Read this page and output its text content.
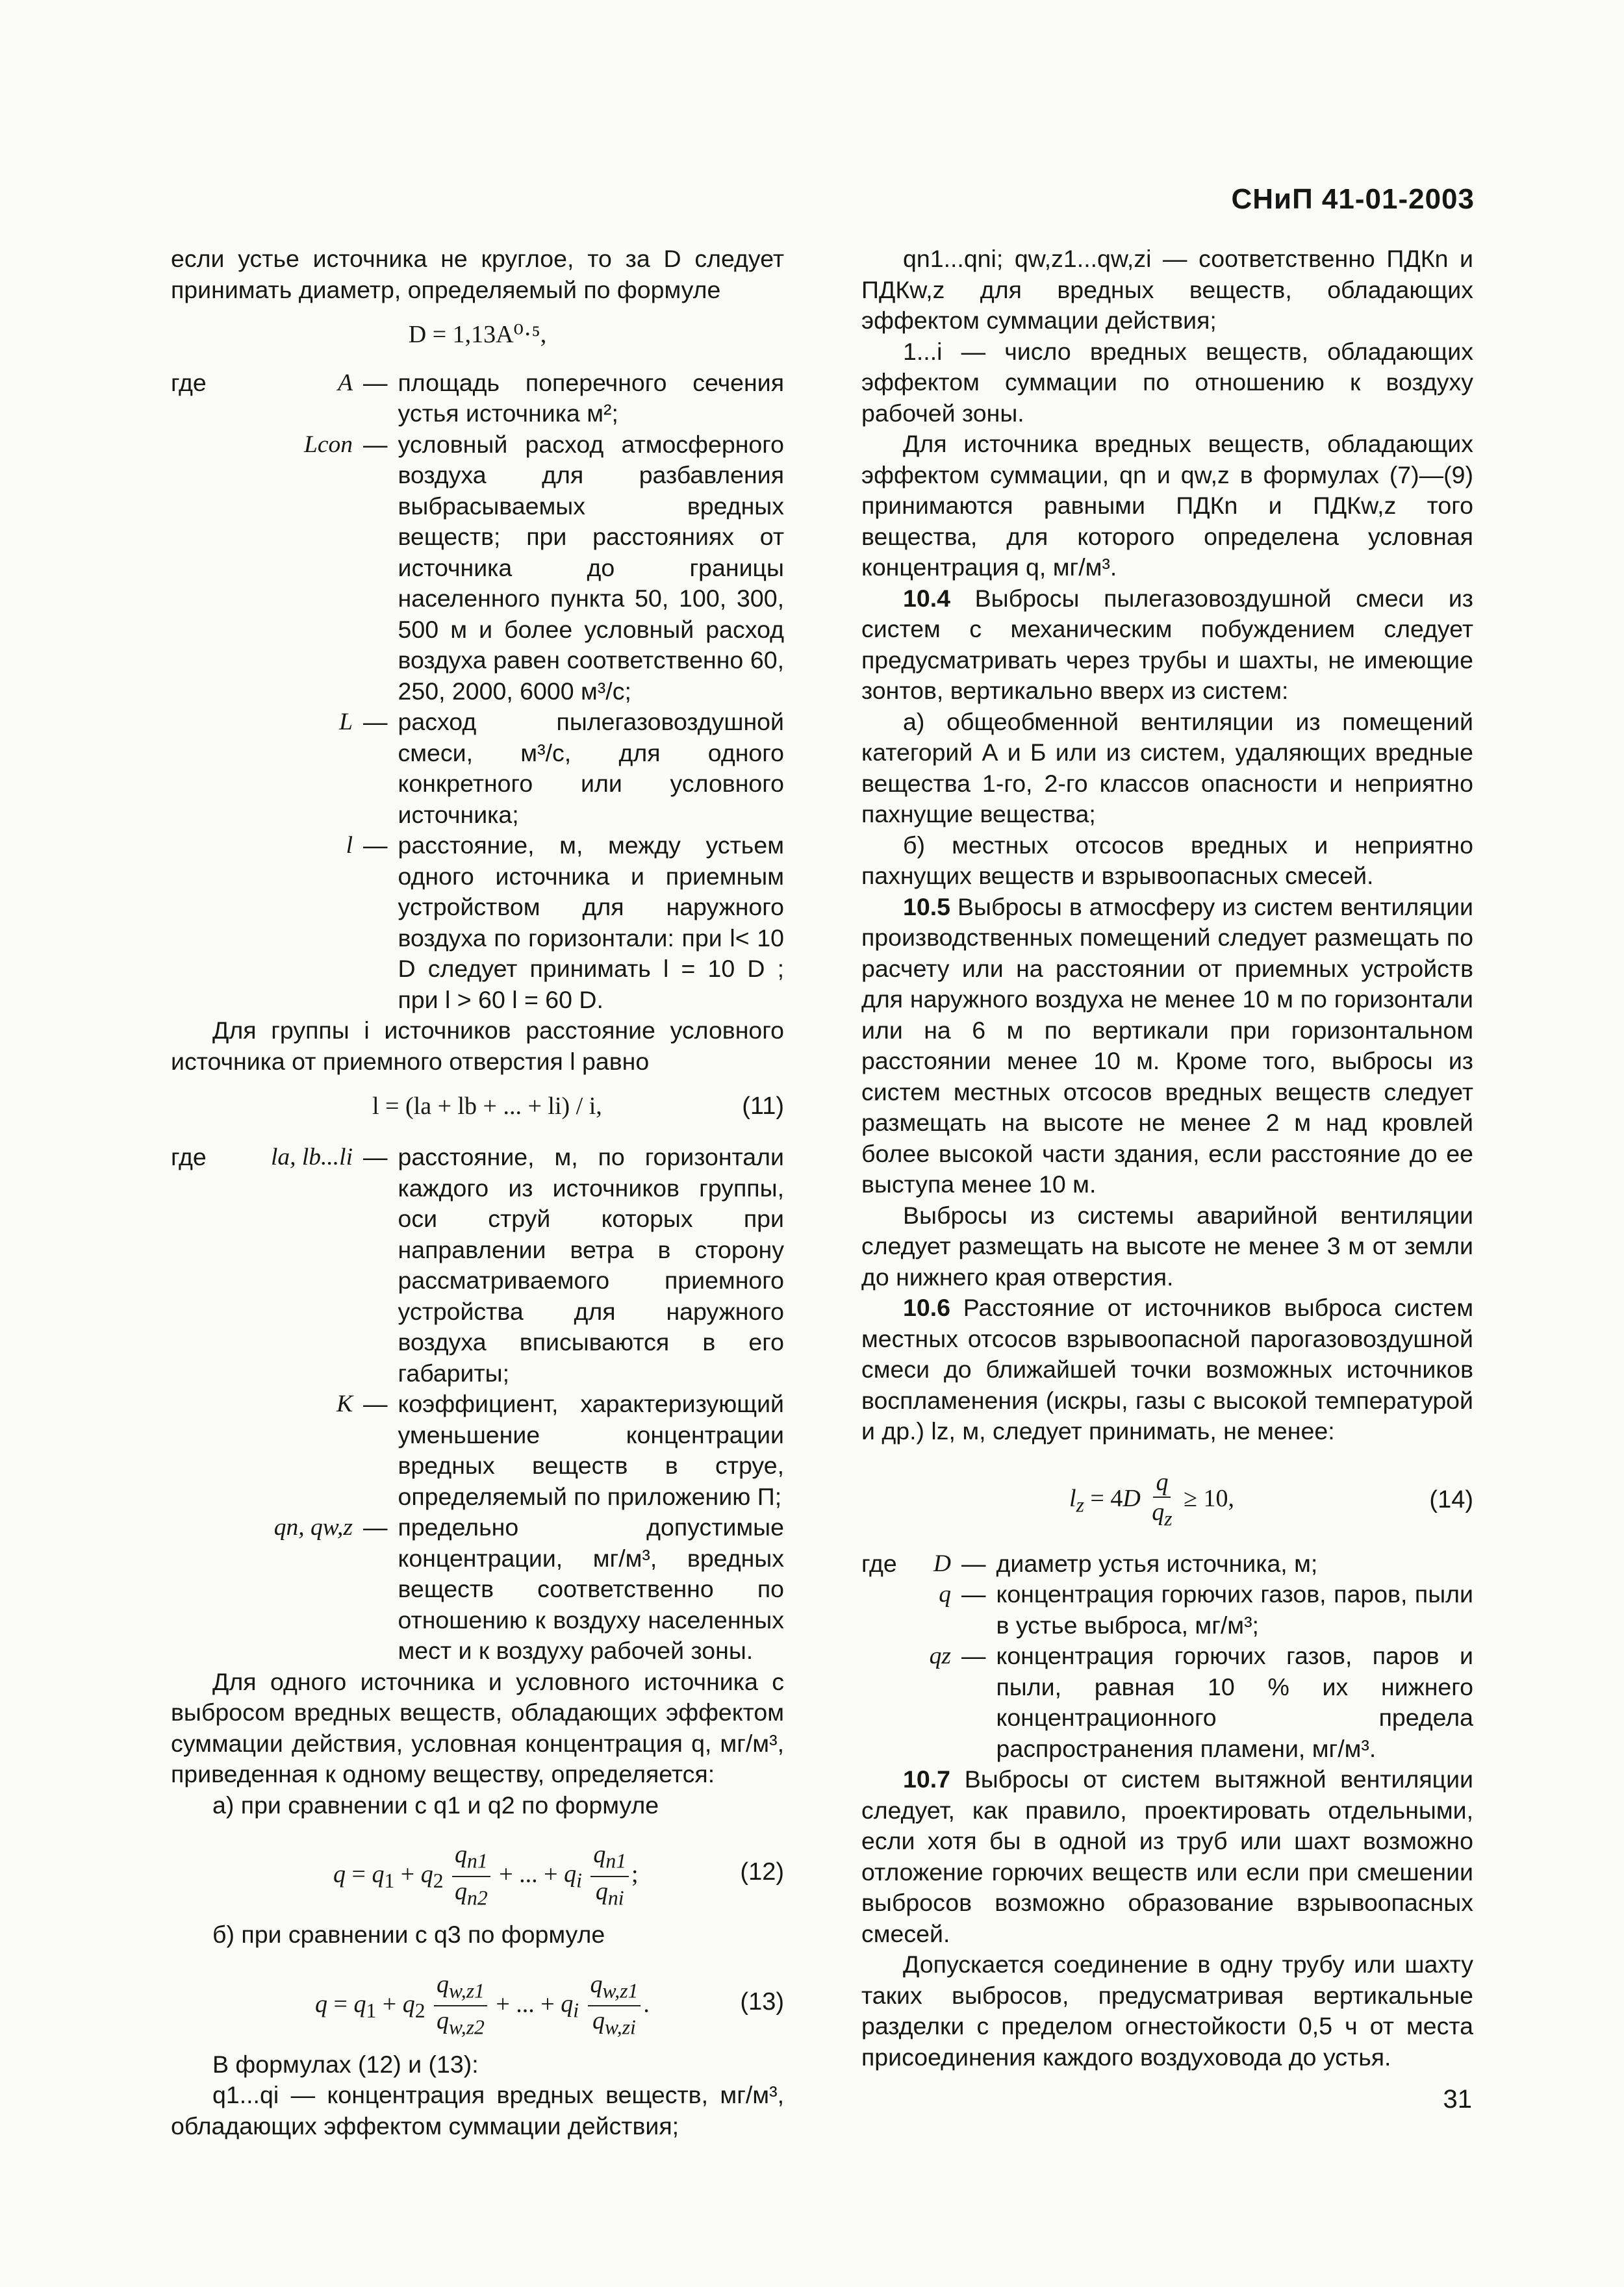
СНиП 41-01-2003

если устье источника не круглое, то за D следует принимать диаметр, определяемый по формуле

D = 1,13A⁰·⁵,
где	A — площадь поперечного сечения устья источника м²;
Lcon — условный расход атмосферного воздуха для разбавления выбрасываемых вредных веществ; при расстояниях от источника до границы населенного пункта 50, 100, 300, 500 м и более условный расход воздуха равен соответственно 60, 250, 2000, 6000 м³/с;
L — расход пылегазовоздушной смеси, м³/с, для одного конкретного или условного источника;
l — расстояние, м, между устьем одного источника и приемным устройством для наружного воздуха по горизонтали: при l< 10 D следует принимать l = 10 D ; при l > 60 l = 60 D.

Для группы i источников расстояние условного источника от приемного отверстия l равно

l = (la + lb + ... + li) / i,	(11)
где	la, lb...li — расстояние, м, по горизонтали каждого из источников группы, оси струй которых при направлении ветра в сторону рассматриваемого приемного устройства для наружного воздуха вписываются в его габариты;
K — коэффициент, характеризующий уменьшение концентрации вредных веществ в струе, определяемый по приложению П;
qn, qw,z — предельно допустимые концентрации, мг/м³, вредных веществ соответственно по отношению к воздуху населенных мест и к воздуху рабочей зоны.

Для одного источника и условного источника с выбросом вредных веществ, обладающих эффектом суммации действия, условная концентрация q, мг/м³, приведенная к одному веществу, определяется:

а) при сравнении с q1 и q2 по формуле

$q = q_1 + q_2 \frac{q_{n1}}{q_{n2}}$ + ... + $q_i \frac{q_{n1}}{q_{ni}}$ ;	(12)

б) при сравнении с q3 по формуле

$q = q_1 + q_2 \frac{q_{w,z1}}{q_{w,z2}}$ + ... + $q_i \frac{q_{w,z1}}{q_{w,zi}}$ .	(13)

В формулах (12) и (13):

q1...qi — концентрация вредных веществ, мг/м³, обладающих эффектом суммации действия;

qn1...qni; qw,z1...qw,zi — соответственно ПДКn и ПДКw,z для вредных веществ, обладающих эффектом суммации действия;

1...i — число вредных веществ, обладающих эффектом суммации по отношению к воздуху рабочей зоны.

Для источника вредных веществ, обладающих эффектом суммации, qn и qw,z в формулах (7)—(9) принимаются равными ПДКn и ПДКw,z того вещества, для которого определена условная концентрация q, мг/м³.

10.4 Выбросы пылегазовоздушной смеси из систем с механическим побуждением следует предусматривать через трубы и шахты, не имеющие зонтов, вертикально вверх из систем:

а) общеобменной вентиляции из помещений категорий А и Б или из систем, удаляющих вредные вещества 1-го, 2-го классов опасности и неприятно пахнущие вещества;

б) местных отсосов вредных и неприятно пахнущих веществ и взрывоопасных смесей.

10.5 Выбросы в атмосферу из систем вентиляции производственных помещений следует размещать по расчету или на расстоянии от приемных устройств для наружного воздуха не менее 10 м по горизонтали или на 6 м по вертикали при горизонтальном расстоянии менее 10 м. Кроме того, выбросы из систем местных отсосов вредных веществ следует размещать на высоте не менее 2 м над кровлей более высокой части здания, если расстояние до ее выступа менее 10 м.

Выбросы из системы аварийной вентиляции следует размещать на высоте не менее 3 м от земли до нижнего края отверстия.

10.6 Расстояние от источников выброса систем местных отсосов взрывоопасной парогазовоздушной смеси до ближайшей точки возможных источников воспламенения (искры, газы с высокой температурой и др.) lz, м, следует принимать, не менее:

$l_z = 4D \frac{q}{q_z} \ge 10$,	(14)
где	D — диаметр устья источника, м;
q — концентрация горючих газов, паров, пыли в устье выброса, мг/м³;
qz — концентрация горючих газов, паров и пыли, равная 10 % их нижнего концентрационного предела распространения пламени, мг/м³.

10.7 Выбросы от систем вытяжной вентиляции следует, как правило, проектировать отдельными, если хотя бы в одной из труб или шахт возможно отложение горючих веществ или если при смешении выбросов возможно образование взрывоопасных смесей.

Допускается соединение в одну трубу или шахту таких выбросов, предусматривая вертикальные разделки с пределом огнестойкости 0,5 ч от места присоединения каждого воздуховода до устья.

31
